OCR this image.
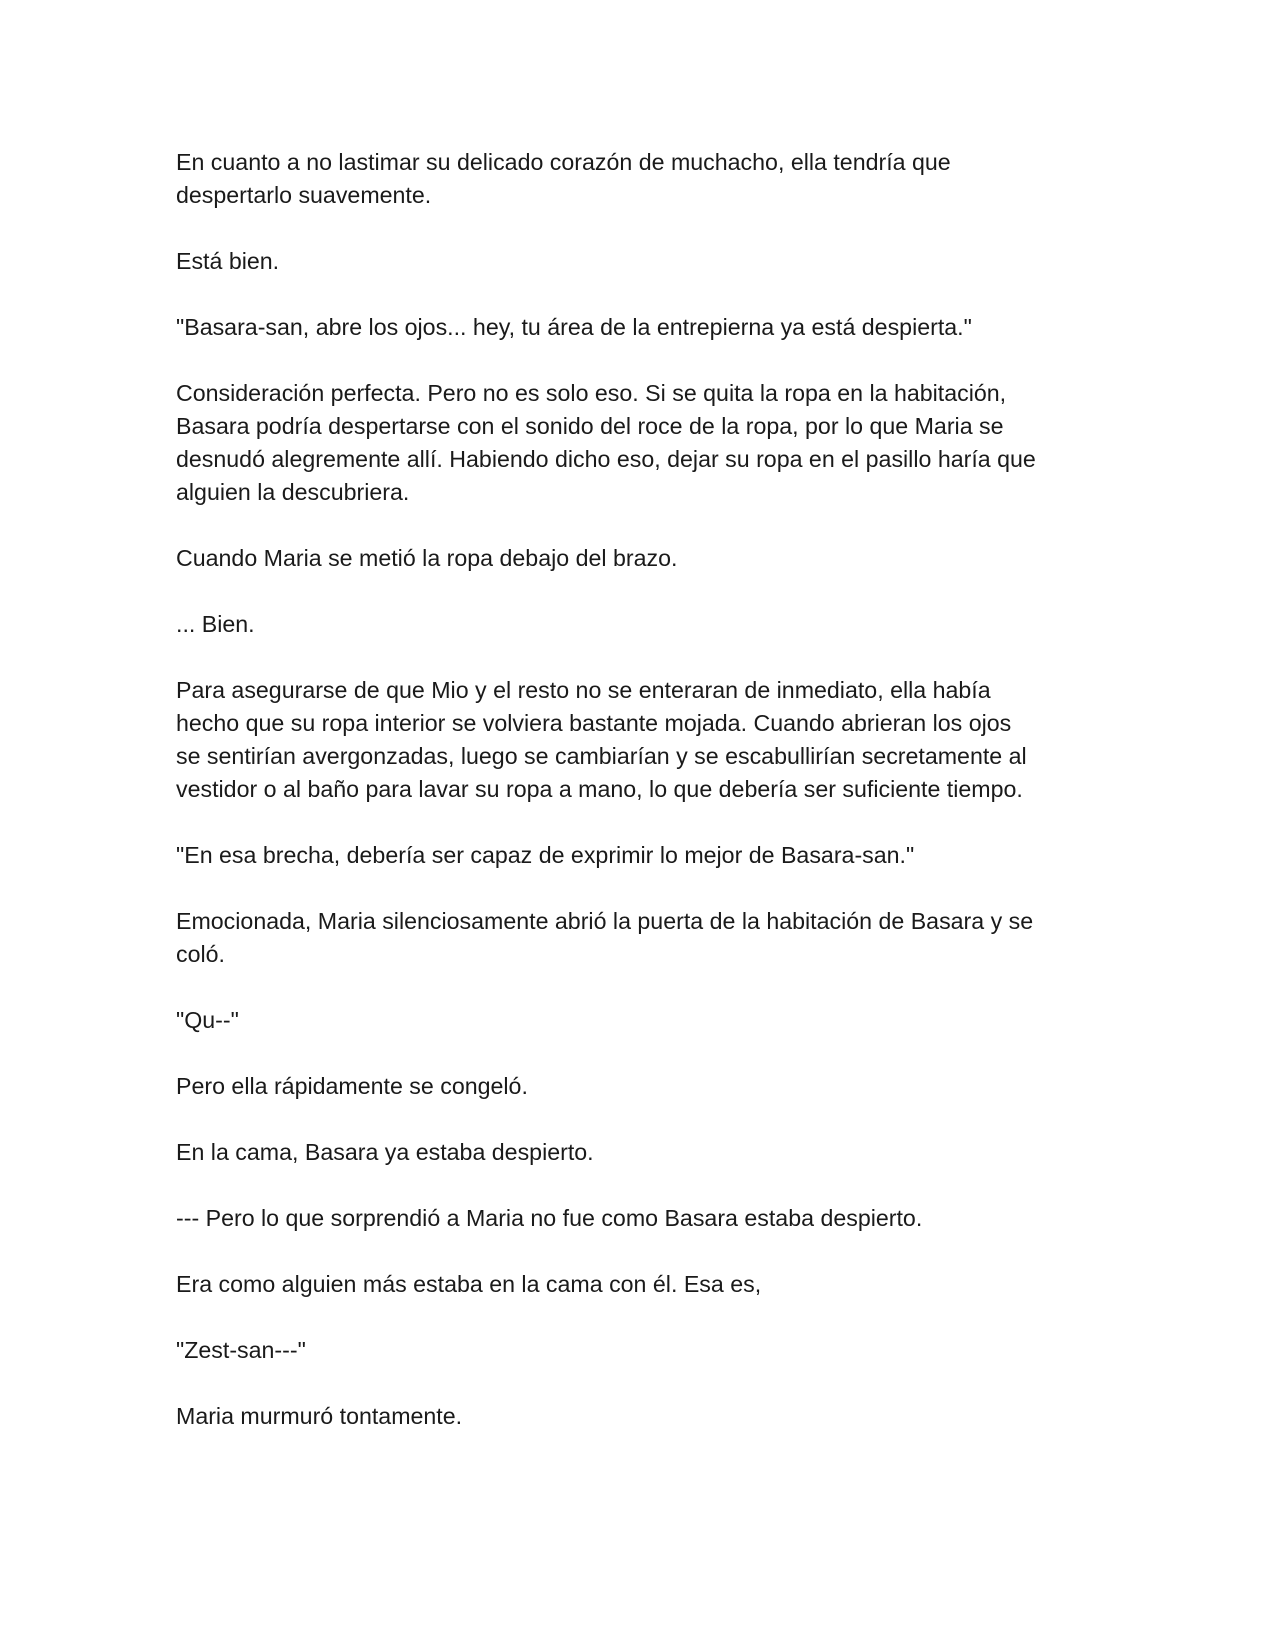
En cuanto a no lastimar su delicado corazón de muchacho, ella tendría que
despertarlo suavemente.

Está bien.

"Basara-san, abre los ojos... hey, tu área de la entrepierna ya está despierta."

Consideración perfecta. Pero no es solo eso. Si se quita la ropa en la habitación,
Basara podría despertarse con el sonido del roce de la ropa, por lo que Maria se
desnudó alegremente allí. Habiendo dicho eso, dejar su ropa en el pasillo haría que
alguien la descubriera.

Cuando Maria se metió la ropa debajo del brazo.

... Bien.

Para asegurarse de que Mio y el resto no se enteraran de inmediato, ella había
hecho que su ropa interior se volviera bastante mojada. Cuando abrieran los ojos
se sentirían avergonzadas, luego se cambiarían y se escabullirían secretamente al
vestidor o al baño para lavar su ropa a mano, lo que debería ser suficiente tiempo.

"En esa brecha, debería ser capaz de exprimir lo mejor de Basara-san."

Emocionada, Maria silenciosamente abrió la puerta de la habitación de Basara y se
coló.

"Qu--"

Pero ella rápidamente se congeló.

En la cama, Basara ya estaba despierto.

--- Pero lo que sorprendió a Maria no fue como Basara estaba despierto.

Era como alguien más estaba en la cama con él. Esa es,

"Zest-san---"

Maria murmuró tontamente.
